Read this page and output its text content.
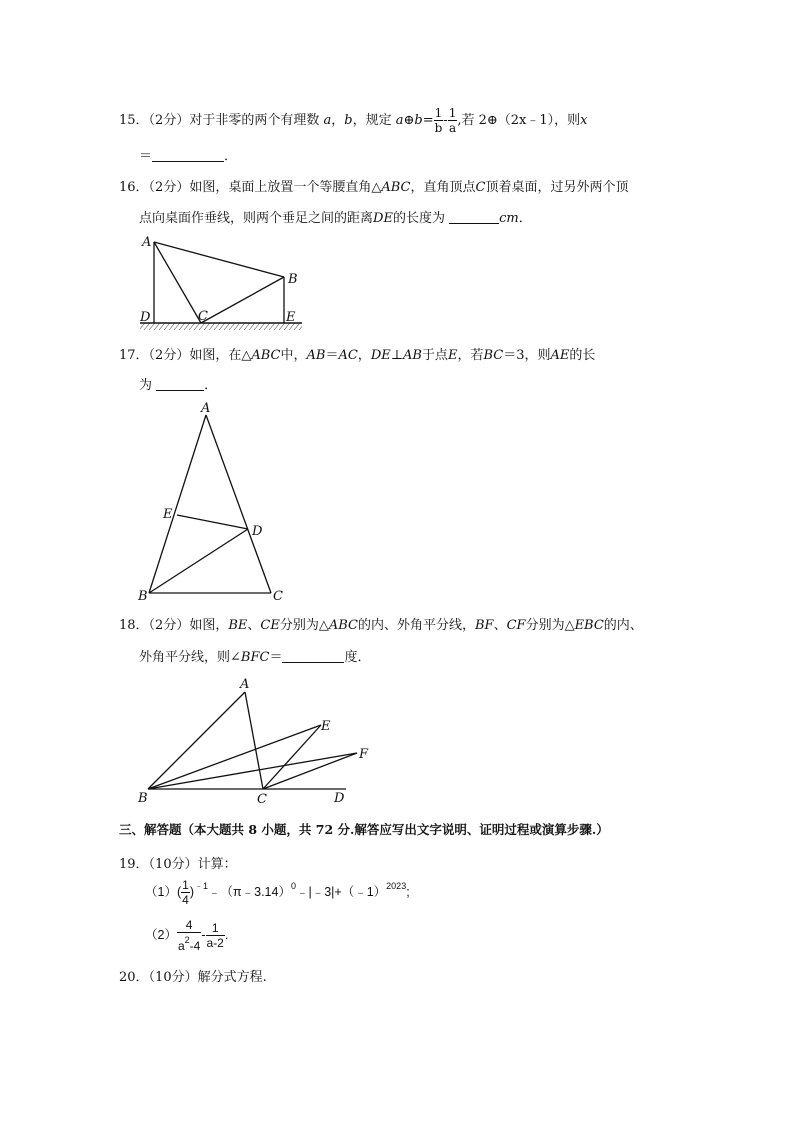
15．（2分）对于非零的两个有理数 a，b，规定 a⊕b= $\frac{1}{b} - \frac{1}{a}$ ,若 2⊕（2x﹣1），则x
＝	．
16．（2分）如图，桌面上放置一个等腰直角△ABC，直角顶点C顶着桌面，过另外两个顶
点向桌面作垂线，则两个垂足之间的距离DE的长度为	cm．
A
B
C
D	E
17．（2分）如图，在△ABC中，AB＝AC，DE⊥AB于点E，若BC＝3，则AE的长
为	．
A
B	C
D
E
18．（2分）如图，BE、CE分别为△ABC的内、外角平分线，BF、CF分别为△EBC的内、
外角平分线，则∠BFC＝	度．
A
B	C	D
E
F
三、解答题（本大题共 8 小题，共 72 分.解答应写出文字说明、证明过程或演算步骤.）
19．（10分）计算：
$(1)( \frac{1}{4}$ )$^{﹣1}﹣(\pi﹣3.14)^0﹣|﹣3|+(﹣1)^{2023}$;
$(2) \frac{4}{a^2-4} - \frac{1}{a-2}$ .
20．（10分）解分式方程.
